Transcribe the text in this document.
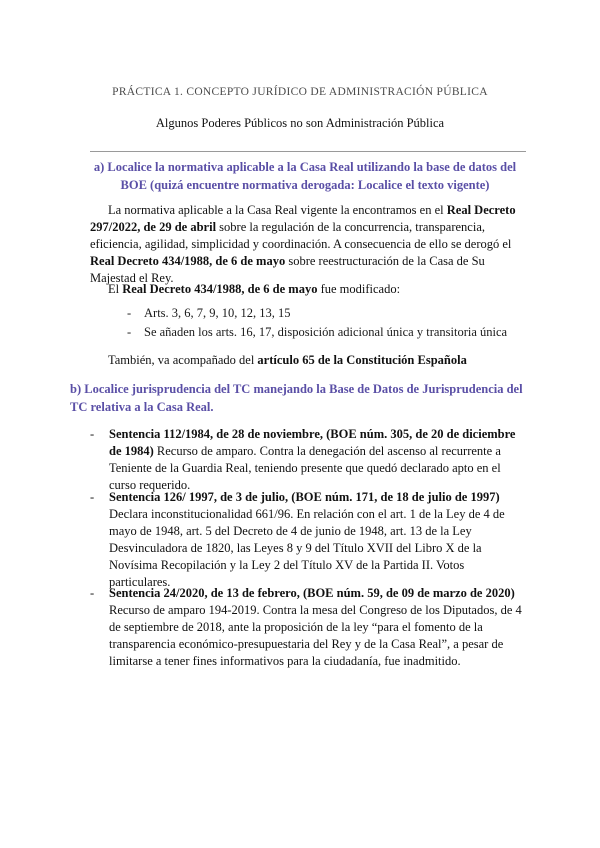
PRÁCTICA 1. CONCEPTO JURÍDICO DE ADMINISTRACIÓN PÚBLICA
Algunos Poderes Públicos no son Administración Pública
a) Localice la normativa aplicable a la Casa Real utilizando la base de datos del BOE (quizá encuentre normativa derogada: Localice el texto vigente)
La normativa aplicable a la Casa Real vigente la encontramos en el Real Decreto 297/2022, de 29 de abril sobre la regulación de la concurrencia, transparencia, eficiencia, agilidad, simplicidad y coordinación. A consecuencia de ello se derogó el Real Decreto 434/1988, de 6 de mayo sobre reestructuración de la Casa de Su Majestad el Rey.
El Real Decreto 434/1988, de 6 de mayo fue modificado:
- Arts. 3, 6, 7, 9, 10, 12, 13, 15
- Se añaden los arts. 16, 17, disposición adicional única y transitoria única
También, va acompañado del artículo 65 de la Constitución Española
b) Localice jurisprudencia del TC manejando la Base de Datos de Jurisprudencia del TC relativa a la Casa Real.
- Sentencia 112/1984, de 28 de noviembre, (BOE núm. 305, de 20 de diciembre de 1984) Recurso de amparo. Contra la denegación del ascenso al recurrente a Teniente de la Guardia Real, teniendo presente que quedó declarado apto en el curso requerido.
- Sentencia 126/ 1997, de 3 de julio, (BOE núm. 171, de 18 de julio de 1997) Declara inconstitucionalidad 661/96. En relación con el art. 1 de la Ley de 4 de mayo de 1948, art. 5 del Decreto de 4 de junio de 1948, art. 13 de la Ley Desvinculadora de 1820, las Leyes 8 y 9 del Título XVII del Libro X de la Novísima Recopilación y la Ley 2 del Título XV de la Partida II. Votos particulares.
- Sentencia 24/2020, de 13 de febrero, (BOE núm. 59, de 09 de marzo de 2020) Recurso de amparo 194-2019. Contra la mesa del Congreso de los Diputados, de 4 de septiembre de 2018, ante la proposición de la ley “para el fomento de la transparencia económico-presupuestaria del Rey y de la Casa Real”, a pesar de limitarse a tener fines informativos para la ciudadanía, fue inadmitido.
